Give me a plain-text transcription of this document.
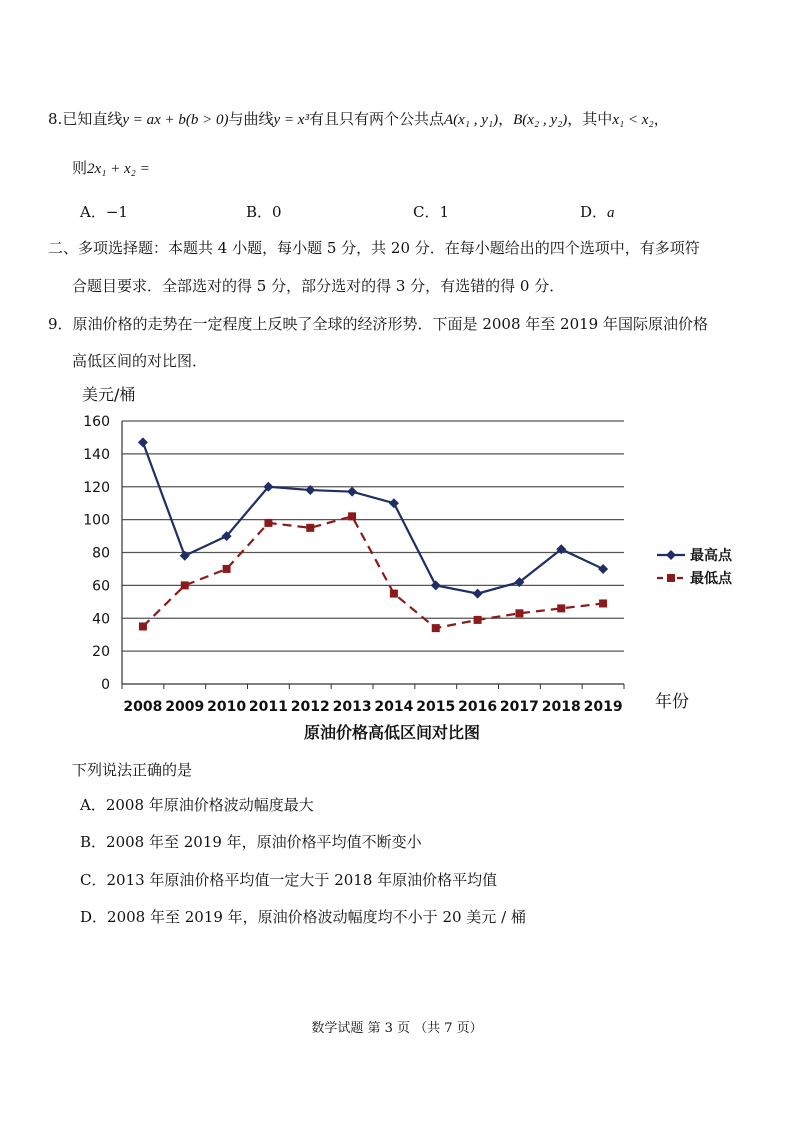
8.已知直线y = ax + b(b > 0)与曲线y = x³有且只有两个公共点A(x₁ , y₁)，B(x₂ , y₂)，其中x₁ < x₂，
则2x₁ + x₂ =
A．−1	B．0	C．1	D．a
二、多项选择题：本题共 4 小题，每小题 5 分，共 20 分．在每小题给出的四个选项中，有多项符
合题目要求．全部选对的得 5 分，部分选对的得 3 分，有选错的得 0 分．
9．原油价格的走势在一定程度上反映了全球的经济形势．下面是 2008 年至 2019 年国际原油价格
高低区间的对比图．
0
20
40
60
80
100
120
140
160
2008 2009 2010 2011 2012 2013 2014 2015 2016 2017 2018 2019
最高点
最低点
美元/桶
年份
原油价格高低区间对比图
下列说法正确的是
A．2008 年原油价格波动幅度最大
B．2008 年至 2019 年，原油价格平均值不断变小
C．2013 年原油价格平均值一定大于 2018 年原油价格平均值
D．2008 年至 2019 年，原油价格波动幅度均不小于 20 美元 / 桶
数学试题 第 3 页 （共 7 页）
